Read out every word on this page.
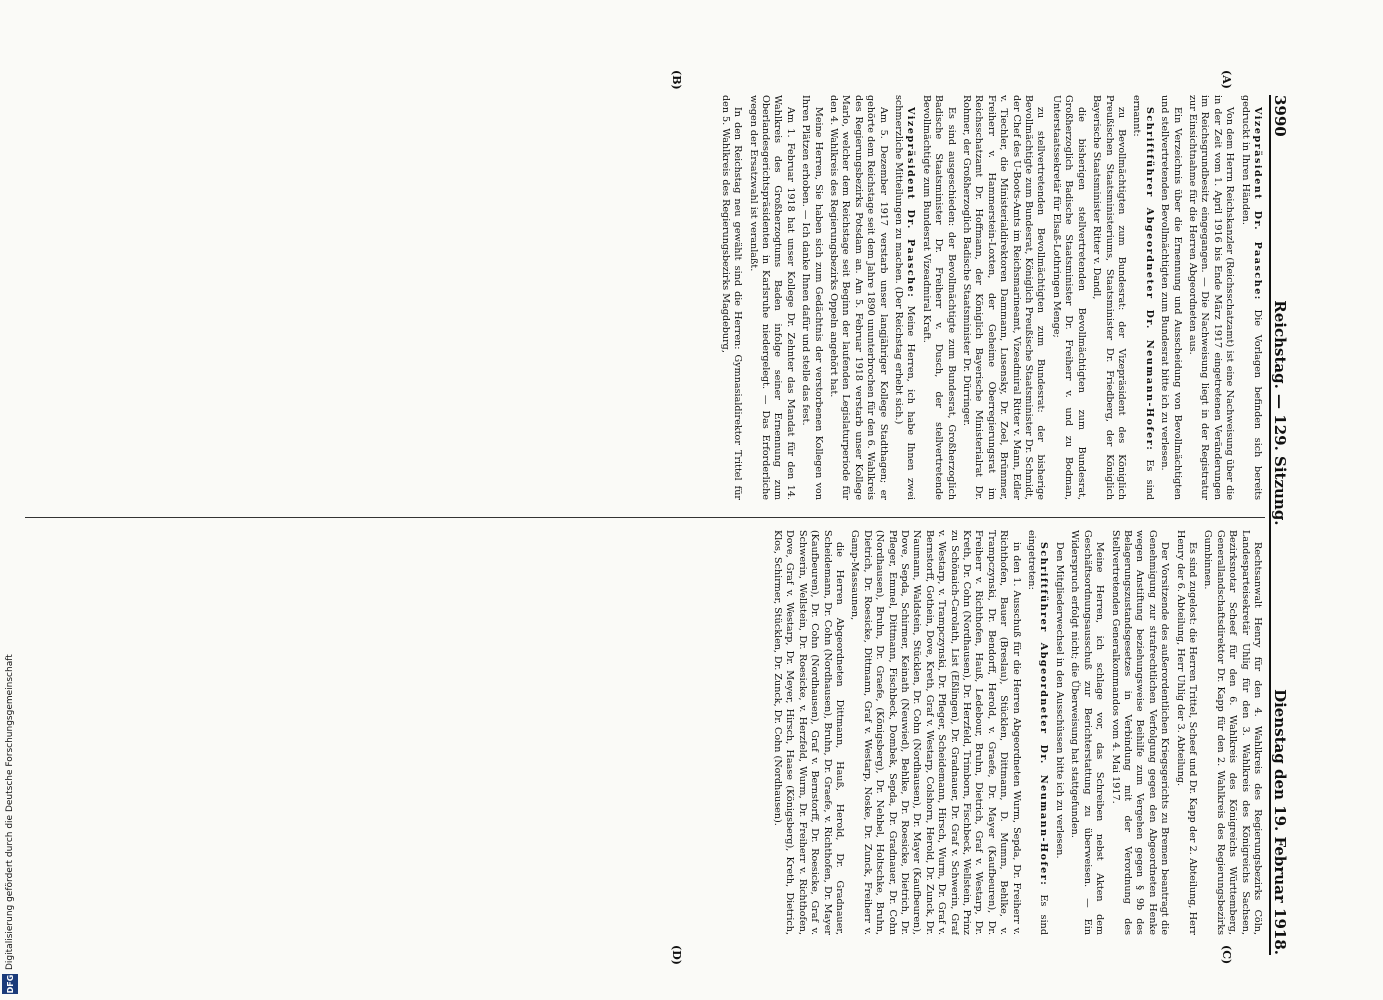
3990
Reichstag. — 129. Sitzung.
Dienstag den 19. Februar 1918.
(A)
(B)
(C)
(D)

Vizepräsident Dr. Paasche: Die Vorlagen befinden sich bereits gedruckt in Ihren Händen.

Von dem Herrn Reichskanzler (Reichsschatzamt) ist eine Nachweisung über die in der Zeit vom 1. April 1916 bis Ende März 1917 eingetretenen Veränderungen im Reichsgrundbesitz eingegangen. — Die Nachweisung liegt in der Registratur zur Einsichtnahme für die Herren Abgeordneten aus.

Ein Verzeichnis über die Ernennung und Ausscheidung von Bevollmächtigten und stellvertretenden Bevollmächtigten zum Bundesrat bitte ich zu verlesen.

Schriftführer Abgeordneter Dr. Neumann-Hofer: Es sind ernannt:

zu Bevollmächtigten zum Bundesrat: der Vizepräsident des Königlich Preußischen Staatsministeriums, Staatsminister Dr. Friedberg, der Königlich Bayerische Staatsminister Ritter v. Dandl,

die bisherigen stellvertretenden Bevollmächtigten zum Bundesrat, Großherzoglich Badische Staatsminister Dr. Freiherr v. und zu Bodman, Unterstaatssekretär für Elsaß-Lothringen Menge;

zu stellvertretenden Bevollmächtigten zum Bundesrat: der bisherige Bevollmächtigte zum Bundesrat, Königlich Preußische Staatsminister Dr. Schmidt, der Chef des U-Boots-Amts im Reichsmarineamt, Vizeadmiral Ritter v. Mann, Edler v. Tiechler, die Ministerialdirektoren Dammann, Lusensky, Dr. Zoel, Brümmer, Freiherr v. Hammerstein-Loxten, der Geheime Oberregierungsrat im Reichsschatzamt Dr. Hoffmann, der Königlich Bayerische Ministerialrat Dr. Rohmer, der Großherzoglich Badische Staatsminister Dr. Dürringer.

Es sind ausgeschieden: der Bevollmächtigte zum Bundesrat, Großherzoglich Badische Staatsminister Dr. Freiherr v. Dusch, der stellvertretende Bevollmächtigte zum Bundesrat Vizeadmiral Kraft.

Vizepräsident Dr. Paasche: Meine Herren, ich habe Ihnen zwei schmerzliche Mitteilungen zu machen. (Der Reichstag erhebt sich.)

Am 5. Dezember 1917 verstarb unser langjähriger Kollege Stadthagen; er gehörte dem Reichstage seit dem Jahre 1890 ununterbrochen für den 6. Wahlkreis des Regierungsbezirks Potsdam an. Am 5. Februar 1918 verstarb unser Kollege Marlo, welcher dem Reichstage seit Beginn der laufenden Legislaturperiode für den 4. Wahlkreis des Regierungsbezirks Oppeln angehört hat.

Meine Herren, Sie haben sich zum Gedächtnis der verstorbenen Kollegen von Ihren Plätzen erhoben. — Ich danke Ihnen dafür und stelle das fest.

Am 1. Februar 1918 hat unser Kollege Dr. Zehnter das Mandat für den 14. Wahlkreis des Großherzogtums Baden infolge seiner Ernennung zum Oberlandesgerichtspräsidenten in Karlsruhe niedergelegt. — Das Erforderliche wegen der Ersatzwahl ist veranlaßt.

In den Reichstag neu gewählt sind die Herren: Gymnasialdirektor Trittel für den 5. Wahlkreis des Regierungsbezirks Magdeburg,

Rechtsanwalt Henry für den 4. Wahlkreis des Regierungsbezirks Cöln, Landesparteisekretär Uhlig für den 3. Wahlkreis des Königreichs Sachsen, Bezirksnotar Scheef für den 6. Wahlkreis des Königreichs Württemberg, Generallandschaftsdirektor Dr. Kapp für den 2. Wahlkreis des Regierungsbezirks Gumbinnen.

Es sind zugelost: die Herren Trittel, Scheef und Dr. Kapp der 2. Abteilung, Herr Henry der 6. Abteilung, Herr Uhlig der 3. Abteilung.

Der Vorsitzende des außerordentlichen Kriegsgerichts zu Bremen beantragt die Genehmigung zur strafrechtlichen Verfolgung gegen den Abgeordneten Henke wegen Anstiftung beziehungsweise Beihilfe zum Vergehen gegen § 9b des Belagerungszustandsgesetzes in Verbindung mit der Verordnung des Stellvertretenden Generalkommandos vom 4. Mai 1917.

Meine Herren, ich schlage vor, das Schreiben nebst Akten dem Geschäftsordnungsausschuß zur Berichterstattung zu überweisen. — Ein Widerspruch erfolgt nicht; die Überweisung hat stattgefunden.

Den Mitgliederwechsel in den Ausschüssen bitte ich zu verlesen.

Schriftführer Abgeordneter Dr. Neumann-Hofer: Es sind eingetreten:

in den 1. Ausschuß für die Herren Abgeordneten Wurm, Sepda, Dr. Freiherr v. Richthofen, Bauer (Breslau), Stücklen, Dittmann, D. Mumm, Behlke, v. Trampczynski, Dr. Bendorff, Herold, v. Graefe, Dr. Mayer (Kaufbeuren), Dr. Freiherr v. Richthofen, Hauß, Ledebour, Bruhn, Dietrich, Graf v. Westarp, Dr. Kreth, Dr. Cohn (Nordhausen), Dr. Herzfeld, Trimborn, Fischbeck, Wellstein, Prinz zu Schönaich-Carolath, List (Eßlingen), Dr. Gradnauer, Dr. Graf v. Schwerin, Graf v. Westarp, v. Trampczynski, Dr. Pfleger, Scheidemann, Hirsch, Wurm, Dr. Graf v. Bernstorff, Gothein, Dove, Kreth, Graf v. Westarp, Colshorn, Herold, Dr. Zunck, Dr. Naumann, Waldstein, Stücklen, Dr. Cohn (Nordhausen), Dr. Mayer (Kaufbeuren), Dove, Sepda, Schirmer, Keinath (Neuwied), Behlke, Dr. Roesicke, Dietrich, Dr. Pfleger, Emmel, Dittmann, Fischbeck, Dombek, Sepda, Dr. Gradnauer, Dr. Cohn (Nordhausen), Bruhn, Dr. Graefe, (Königsberg), Dr. Nehbel, Holtschke, Bruhn, Dietrich, Dr. Roesicke, Dittmann, Graf v. Westarp, Noske, Dr. Zunck, Freiherr v. Gamp-Massaunen,

die Herren Abgeordneten Dittmann, Hauß, Herold, Dr. Gradnauer, Scheidemann, Dr. Cohn (Nordhausen), Bruhn, Dr. Graefe, v. Richthofen, Dr. Mayer (Kaufbeuren), Dr. Cohn (Nordhausen), Graf v. Bernstorff, Dr. Roesicke, Graf v. Schwerin, Wellstein, Dr. Roesicke, v. Herzfeld, Wurm, Dr. Freiherr v. Richthofen, Dove, Graf v. Westarp, Dr. Meyer, Hirsch, Haase (Königsberg), Kreth, Dietrich, Klos, Schirmer, Stücklen, Dr. Zunck, Dr. Cohn (Nordhausen).

DFG
Digitalisierung gefördert durch die Deutsche Forschungsgemeinschaft
